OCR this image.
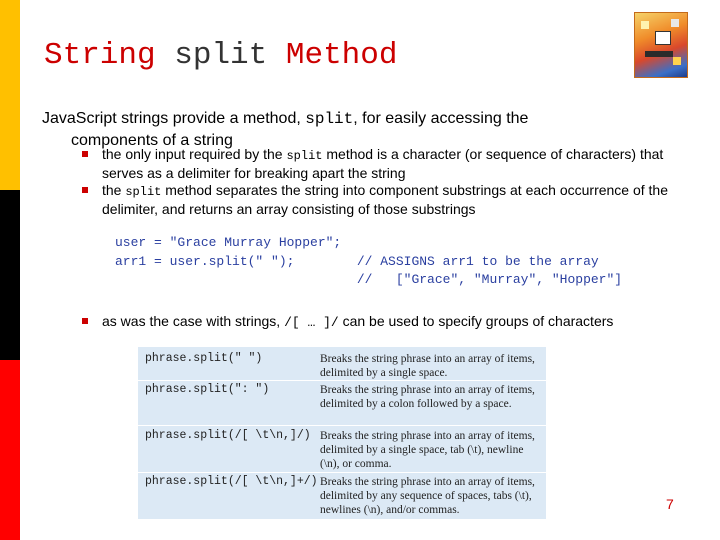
String split Method
JavaScript strings provide a method, split, for easily accessing the
components of a string
the only input required by the split method is a character (or sequence of characters) that serves as a delimiter for breaking apart the string
the split method separates the string into component substrings at each occurrence of the delimiter, and returns an array consisting of those substrings
user = "Grace Murray Hopper";
arr1 = user.split(" ");        // ASSIGNS arr1 to be the array
//   ["Grace", "Murray", "Hopper"]
as was the case with strings, /[ … ]/ can be used to specify groups of characters
phrase.split(" ")	Breaks the string phrase into an array of items, delimited by a single space.
phrase.split(": ")	Breaks the string phrase into an array of items, delimited by a colon followed by a space.
phrase.split(/[ \t\n,]/) Breaks the string phrase into an array of items, delimited by a single space, tab (\t), newline (\n), or comma.
phrase.split(/[ \t\n,]+/) Breaks the string phrase into an array of items, delimited by any sequence of spaces, tabs (\t), newlines (\n), and/or commas.	7
